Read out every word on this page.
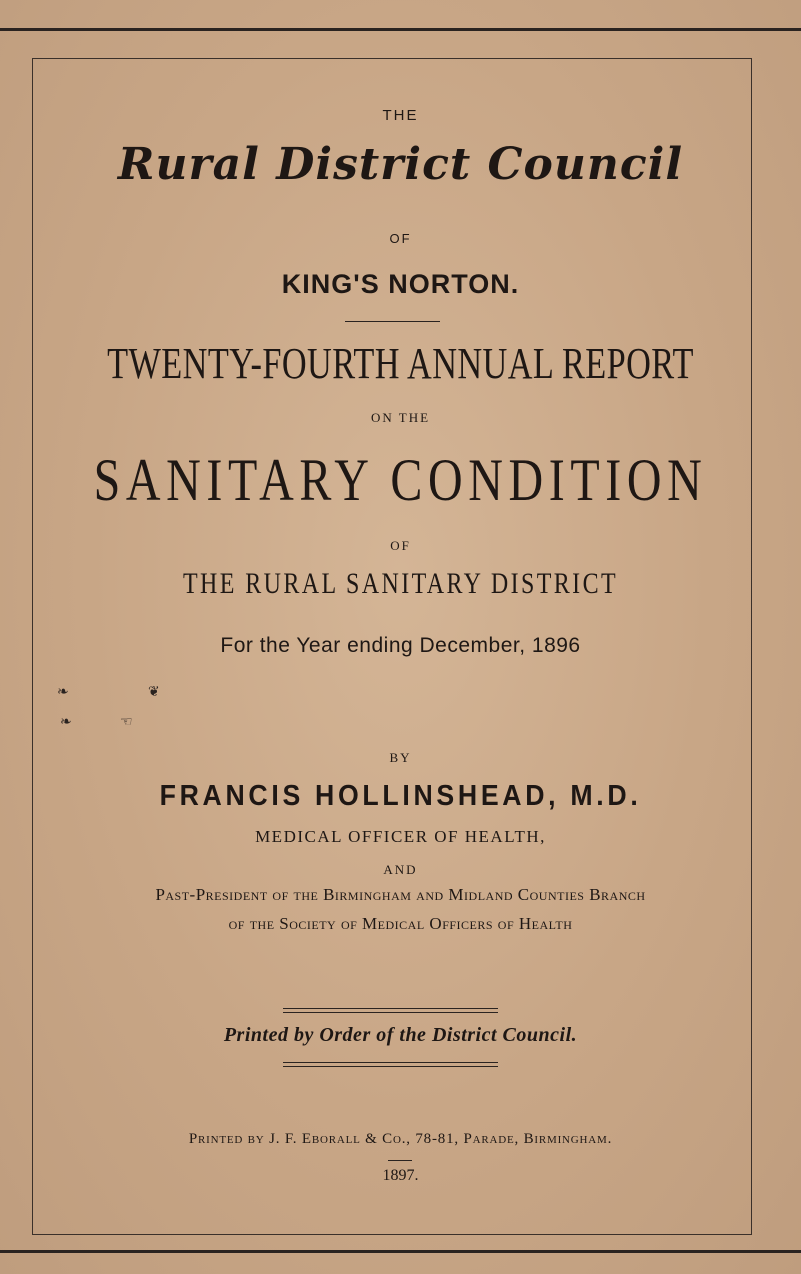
THE
Rural District Council
OF
KING'S NORTON.
TWENTY-FOURTH ANNUAL REPORT
ON THE
SANITARY CONDITION
OF
THE RURAL SANITARY DISTRICT
For the Year ending December, 1896
❧	❦
❧	☜
BY
FRANCIS HOLLINSHEAD, M.D.
MEDICAL OFFICER OF HEALTH,
AND
Past-President of the Birmingham and Midland Counties Branch
of the Society of Medical Officers of Health
Printed by Order of the District Council.
Printed by J. F. Eborall & Co., 78-81, Parade, Birmingham.
1897.
